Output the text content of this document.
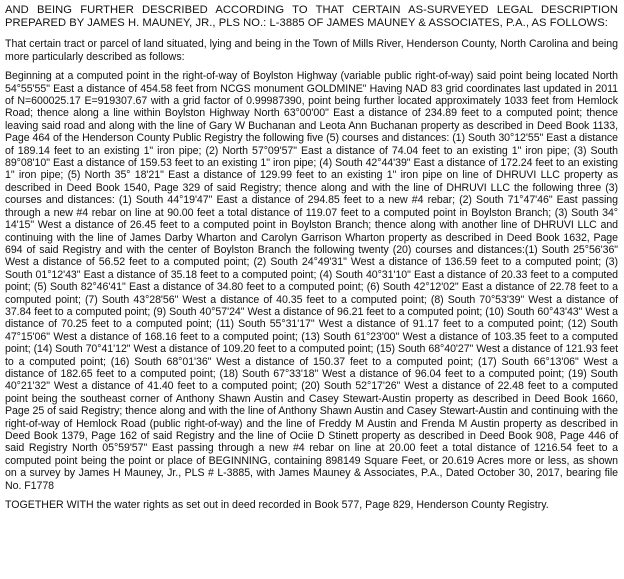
AND BEING FURTHER DESCRIBED ACCORDING TO THAT CERTAIN AS-SURVEYED LEGAL DESCRIPTION PREPARED BY JAMES H. MAUNEY, JR., PLS NO.: L-3885 OF JAMES MAUNEY & ASSOCIATES, P.A., AS FOLLOWS:

That certain tract or parcel of land situated, lying and being in the Town of Mills River, Henderson County, North Carolina and being more particularly described as follows:

Beginning at a computed point in the right-of-way of Boylston Highway (variable public right-of-way) said point being located North 54°55'55" East a distance of 454.58 feet from NCGS monument GOLDMINE" Having NAD 83 grid coordinates last updated in 2011 of N=600025.17 E=919307.67 with a grid factor of 0.99987390, point being further located approximately 1033 feet from Hemlock Road; thence along a line within Boylston Highway North 63°00'00" East a distance of 234.89 feet to a computed point; thence leaving said road and along with the line of Gary W Buchanan and Leota Ann Buchanan property as described in Deed Book 1133, Page 464 of the Henderson County Public Registry the following five (5) courses and distances: (1) South 30°12'55" East a distance of 189.14 feet to an existing 1" iron pipe; (2) North 57°09'57" East a distance of 74.04 feet to an existing 1" iron pipe; (3) South 89°08'10" East a distance of 159.53 feet to an existing 1" iron pipe; (4) South 42°44'39" East a distance of 172.24 feet to an existing 1" iron pipe; (5) North 35° 18'21" East a distance of 129.99 feet to an existing 1" iron pipe on line of DHRUVI LLC property as described in Deed Book 1540, Page 329 of said Registry; thence along and with the line of DHRUVI LLC the following three (3) courses and distances: (1) South 44°19'47" East a distance of 294.85 feet to a new #4 rebar; (2) South 71°47'46" East passing through a new #4 rebar on line at 90.00 feet a total distance of 119.07 feet to a computed point in Boylston Branch; (3) South 34° 14'15" West a distance of 26.45 feet to a computed point in Boylston Branch; thence along with another line of DHRUVI LLC and continuing with the line of James Darby Wharton and Carolyn Garrison Wharton property as described in Deed Book 1632, Page 694 of said Registry and with the center of Boylston Branch the following twenty (20) courses and distances:(1) South 25°56'36" West a distance of 56.52 feet to a computed point; (2) South 24°49'31" West a distance of 136.59 feet to a computed point; (3) South 01°12'43" East a distance of 35.18 feet to a computed point; (4) South 40°31'10" East a distance of 20.33 feet to a computed point; (5) South 82°46'41" East a distance of 34.80 feet to a computed point; (6) South 42°12'02" East a distance of 22.78 feet to a computed point; (7) South 43°28'56" West a distance of 40.35 feet to a computed point; (8) South 70°53'39" West a distance of 37.84 feet to a computed point; (9) South 40°57'24" West a distance of 96.21 feet to a computed point; (10) South 60°43'43" West a distance of 70.25 feet to a computed point; (11) South 55°31'17" West a distance of 91.17 feet to a computed point; (12) South 47°15'06" West a distance of 168.16 feet to a computed point; (13) South 61°23'00" West a distance of 103.35 feet to a computed point; (14) South 70°41'12" West a distance of 109.20 feet to a computed point; (15) South 68°40'27" West a distance of 121.93 feet to a computed point; (16) South 68°01'36" West a distance of 150.37 feet to a computed point; (17) South 66°13'06" West a distance of 182.65 feet to a computed point; (18) South 67°33'18" West a distance of 96.04 feet to a computed point; (19) South 40°21'32" West a distance of 41.40 feet to a computed point; (20) South 52°17'26" West a distance of 22.48 feet to a computed point being the southeast corner of Anthony Shawn Austin and Casey Stewart-Austin property as described in Deed Book 1660, Page 25 of said Registry; thence along and with the line of Anthony Shawn Austin and Casey Stewart-Austin and continuing with the right-of-way of Hemlock Road (public right-of-way) and the line of Freddy M Austin and Frenda M Austin property as described in Deed Book 1379, Page 162 of said Registry and the line of Ociie D Stinett property as described in Deed Book 908, Page 446 of said Registry North 05°59'57" East passing through a new #4 rebar on line at 20.00 feet a total distance of 1216.54 feet to a computed point being the point or place of BEGINNING, containing 898149 Square Feet, or 20.619 Acres more or less, as shown on a survey by James H Mauney, Jr., PLS # L-3885, with James Mauney & Associates, P.A., Dated October 30, 2017, bearing file No. F1778

TOGETHER WITH the water rights as set out in deed recorded in Book 577, Page 829, Henderson County Registry.
